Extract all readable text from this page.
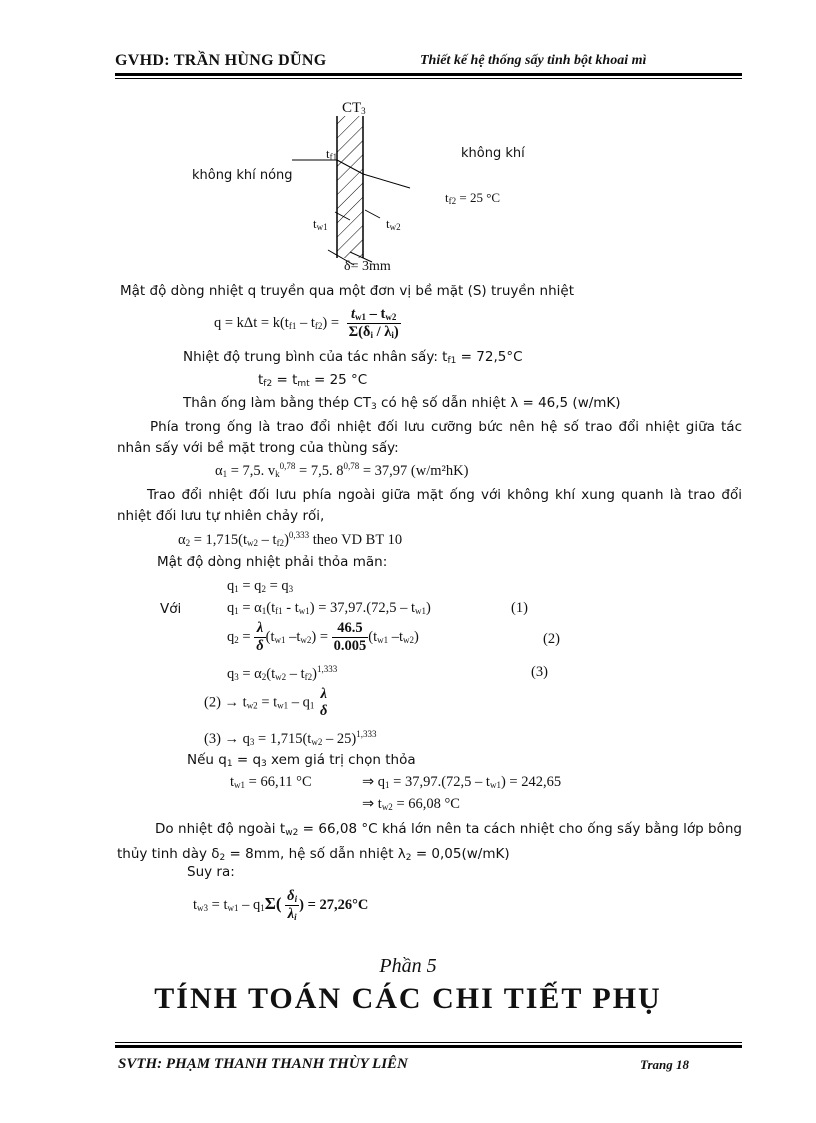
GVHD: TRẦN HÙNG DŨNG	Thiết kế hệ thống sấy tinh bột khoai mì
$CT_3$
$t_{f1}$	không khí
không khí nóng
$t_{f2} = 25$ °C
$t_{w1}$	$t_{w2}$
δ= 3mm
Mật độ dòng nhiệt q truyền qua một đơn vị bề mặt (S) truyền nhiệt
$q = k\Delta t = k(t_{f1} - t_{f2}) = \frac{t_{w1} - t_{w2}}{\Sigma(\delta_i / \lambda_i)}$
Nhiệt độ trung bình của tác nhân sấy: $t_{f1} = 72,5^\circ C$
$t_{f2} = t_{mt} = 25$ °C
Thân ống làm bằng thép $CT_3$ có hệ số dẫn nhiệt λ = 46,5 (w/mK)
Phía trong ống là trao đổi nhiệt đối lưu cưỡng bức nên hệ số trao đổi nhiệt giữa tác nhân sấy với bề mặt trong của thùng sấy:
$\alpha_1 = 7,5$. $v_k^{0,78} = 7,5$. $8^{0,78} = 37,97$ (w/m²hK)
Trao đổi nhiệt đối lưu phía ngoài giữa mặt ống với không khí xung quanh là trao đổi nhiệt đối lưu tự nhiên chảy rối,
$\alpha_2 = 1,715(t_{w2} - t_{f2})^{0,333}$ theo VD BT 10
Mật độ dòng nhiệt phải thỏa mãn:
$q_1 = q_2 = q_3$
Với	$q_1 = \alpha_1(t_{f1} - t_{w1}) = 37,97.(72,5 - t_{w1})$	(1)
$q_2 = \frac{\lambda}{\delta} (t_{w1}$ $-t_{w2}) = \frac{46.5}{0.005} (t_{w1}$ $-t_{w2}$)	(2)
$q_3 = \alpha_2(t_{w2} - t_{f2})^{1,333}$	(3)
$(2) \to t_{w2} = t_{w1} - q_1$
λ
δ
$(3) \to q_3 = 1,715(t_{w2} - 25)^{1,333}$
Nếu $q_1 = q_3$ xem giá trị chọn thỏa
$t_{w1} = 66,11$ °C	⇒ $q_1 = 37,97.(72,5 - t_{w1}) = 242,65$
⇒ $t_{w2} = 66,08$ °C
Do nhiệt độ ngoài $t_{w2} = 66,08$ °C khá lớn nên ta cách nhiệt cho ống sấy bằng lớp bông thủy tinh dày $\delta_2 = 8mm$, hệ số dẫn nhiệt $\lambda_2 = 0,05(w/mK)$
Suy ra:
$t_{w3} = t_{w1} - q_1\Sigma( \frac{\delta_i}{\lambda_i}$ ) = 27,26°C
Phần 5
TÍNH TOÁN CÁC CHI TIẾT PHỤ
SVTH: PHẠM THANH THANH THÙY LIÊN	Trang 18
